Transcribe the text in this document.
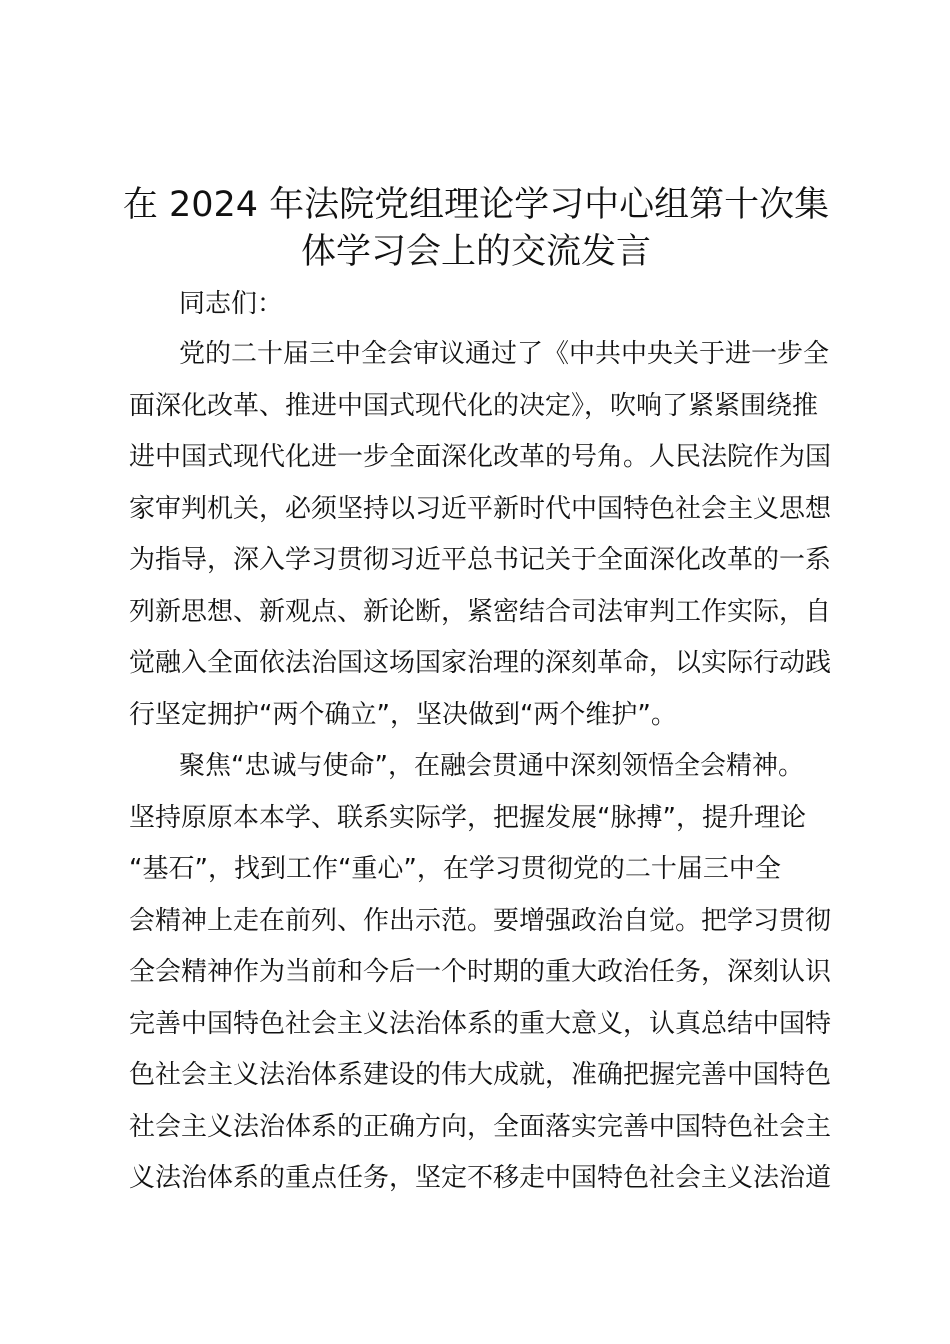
在 2024 年法院党组理论学习中心组第十次集
体学习会上的交流发言
同志们：
党的二十届三中全会审议通过了《中共中央关于进一步全
面深化改革、推进中国式现代化的决定》，吹响了紧紧围绕推
进中国式现代化进一步全面深化改革的号角。人民法院作为国
家审判机关，必须坚持以习近平新时代中国特色社会主义思想
为指导，深入学习贯彻习近平总书记关于全面深化改革的一系
列新思想、新观点、新论断，紧密结合司法审判工作实际，自
觉融入全面依法治国这场国家治理的深刻革命，以实际行动践
行坚定拥护“两个确立”，坚决做到“两个维护”。
聚焦“忠诚与使命”，在融会贯通中深刻领悟全会精神。
坚持原原本本学、联系实际学，把握发展“脉搏”，提升理论
“基石”，找到工作“重心”，在学习贯彻党的二十届三中全
会精神上走在前列、作出示范。要增强政治自觉。把学习贯彻
全会精神作为当前和今后一个时期的重大政治任务，深刻认识
完善中国特色社会主义法治体系的重大意义，认真总结中国特
色社会主义法治体系建设的伟大成就，准确把握完善中国特色
社会主义法治体系的正确方向，全面落实完善中国特色社会主
义法治体系的重点任务，坚定不移走中国特色社会主义法治道
